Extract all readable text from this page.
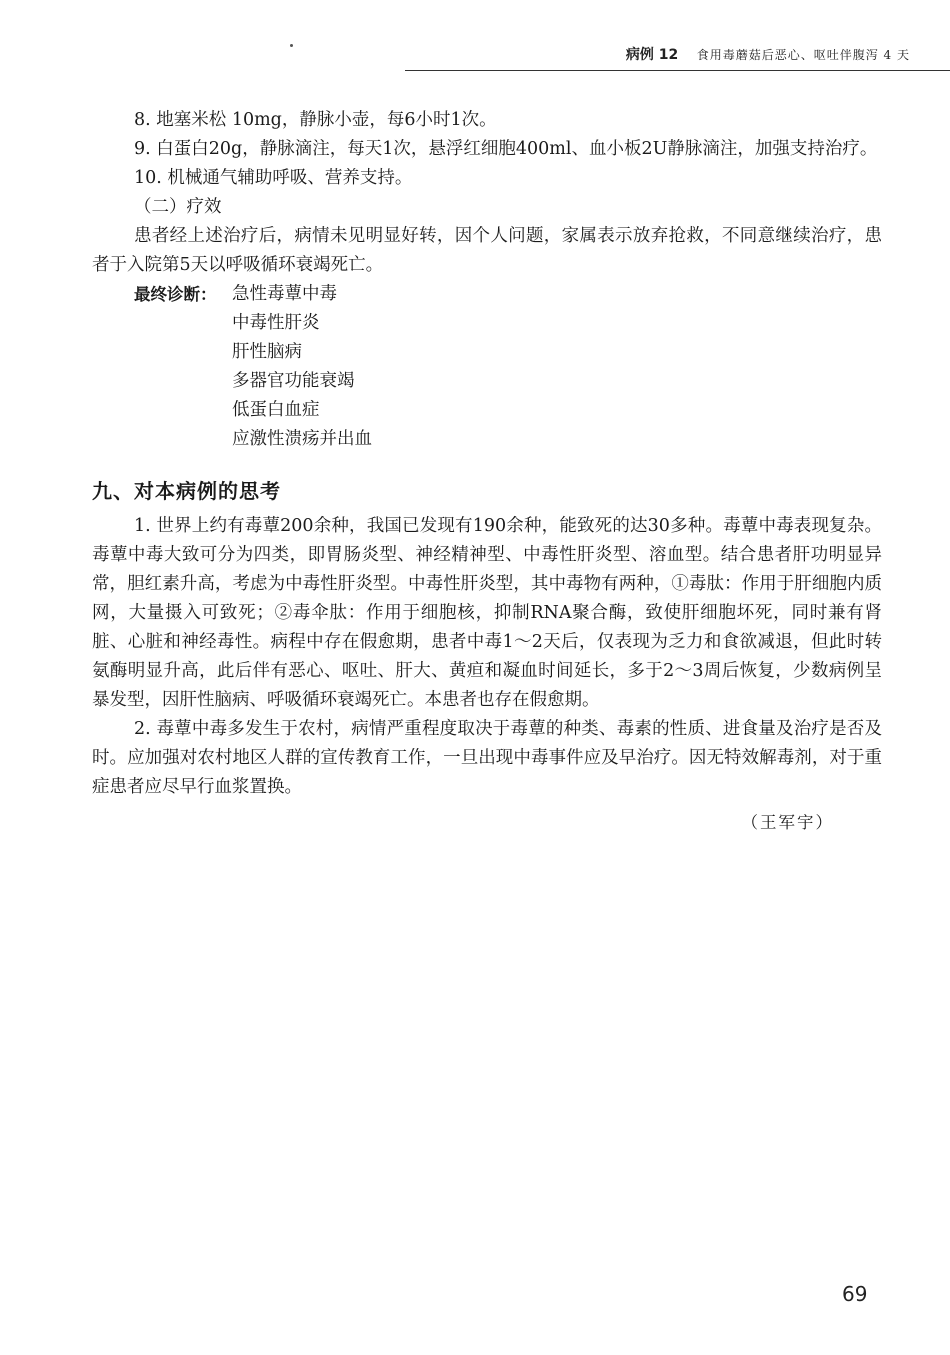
病例 12 食用毒蘑菇后恶心、呕吐伴腹泻 4 天

8. 地塞米松 10mg，静脉小壶，每6小时1次。

9. 白蛋白20g，静脉滴注，每天1次，悬浮红细胞400ml、血小板2U静脉滴注，加强支持治疗。

10. 机械通气辅助呼吸、营养支持。

（二）疗效

患者经上述治疗后，病情未见明显好转，因个人问题，家属表示放弃抢救，不同意继续治疗，患者于入院第5天以呼吸循环衰竭死亡。

最终诊断： 急性毒蕈中毒
中毒性肝炎
肝性脑病
多器官功能衰竭
低蛋白血症
应激性溃疡并出血
九、对本病例的思考

1. 世界上约有毒蕈200余种，我国已发现有190余种，能致死的达30多种。毒蕈中毒表现复杂。毒蕈中毒大致可分为四类，即胃肠炎型、神经精神型、中毒性肝炎型、溶血型。结合患者肝功明显异常，胆红素升高，考虑为中毒性肝炎型。中毒性肝炎型，其中毒物有两种，①毒肽：作用于肝细胞内质网，大量摄入可致死；②毒伞肽：作用于细胞核，抑制RNA聚合酶，致使肝细胞坏死，同时兼有肾脏、心脏和神经毒性。病程中存在假愈期，患者中毒1～2天后，仅表现为乏力和食欲减退，但此时转氨酶明显升高，此后伴有恶心、呕吐、肝大、黄疸和凝血时间延长，多于2～3周后恢复，少数病例呈暴发型，因肝性脑病、呼吸循环衰竭死亡。本患者也存在假愈期。

2. 毒蕈中毒多发生于农村，病情严重程度取决于毒蕈的种类、毒素的性质、进食量及治疗是否及时。应加强对农村地区人群的宣传教育工作，一旦出现中毒事件应及早治疗。因无特效解毒剂，对于重症患者应尽早行血浆置换。

（王军宇）
69
